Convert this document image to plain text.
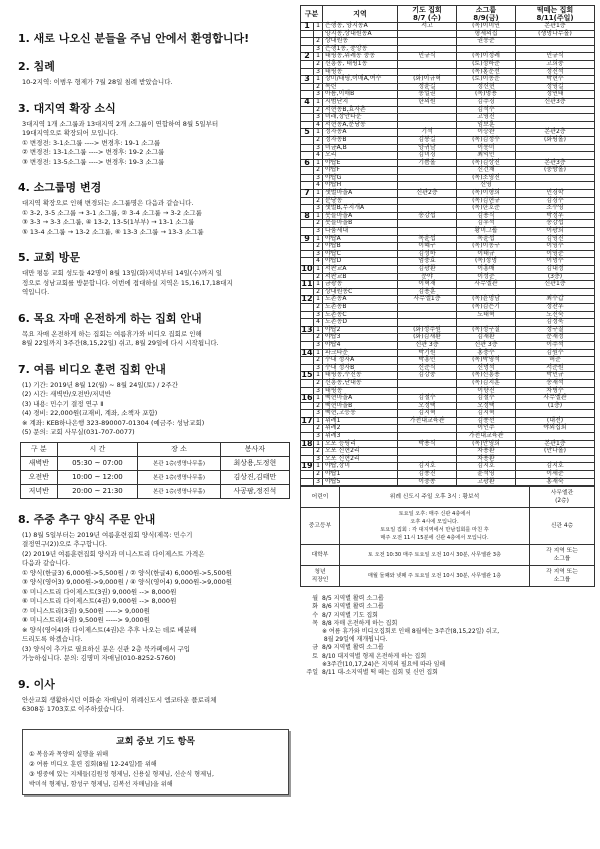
1. 새로 나오신 분들을 주님 안에서 환영합니다!
2. 침례

10-2지역: 이범우 형제가 7월 28일 침례 받았습니다.

3. 대지역 확장 소식

3대지역 1개 소그룹과 13대지역 2개 소그룹이 연합하여 8월 5일부터

19대지역으로 확장되어 모입니다.

① 변경전: 3-1소그룹 ----> 변경후: 19-1 소그룹

② 변경전: 13-1소그룹 ----> 변경후: 19-2 소그룹

③ 변경전: 13-5소그룹 ----> 변경후: 19-3 소그룹

4. 소그룹명 변경

대지역 확장으로 인해 변경되는 소그룹명은 다음과 같습니다.

① 3-2, 3-5 소그룹 → 3-1 소그룹, ② 3-4 소그룹 → 3-2 소그룹

③ 3-3 → 3-3 소그룹, ④ 13-2, 13-5(1부부) → 13-1 소그룹

⑤ 13-4 소그룹 → 13-2 소그룹, ⑥ 13-3 소그룹 → 13-3 소그룹

5. 교회 방문

대만 펑동 교회 성도들 42명이 8월 13일(화)저녁부터 14일(수)까지 일

정으로 성남교회를 방문합니다. 이번에 접대하실 지역은 15,16,17,18대지

역입니다.

6. 목요 자매 온전하게 하는 집회 안내

목요 자매 온전하게 하는 집회는 여름휴가와 비디오 집회로 인해

8월 22일까지 3주간(8,15,22일) 쉬고, 8월 29일에 다시 시작됩니다.

7. 여름 비디오 훈련 집회 안내

(1) 기간: 2019년 8월 12(월) ~ 8월 24일(토) / 2주간

(2) 시간: 새벽반/오전반/저녁반

(3) 내용: 민수기 결정 연구 Ⅱ

(4) 경비: 22,000원(교재비, 계좌, 소책자 포함)

※ 계좌: KEB하나은행 323-890007-01304 (예금주: 성남교회)

(5) 문의: 교회 사무실(031-707-0077)

구 분	시 간	장 소	봉사자
새벽반	05:30 ~ 07:00	본관 1층(생명나무홀)	최상용,도정현
오전반	10:00 ~ 12:00	본관 1층(생명나무홀)	김상진,김태만
저녁반	20:00 ~ 21:30	본관 1층(생명나무홀)	사공팜,정진석
8. 주중 추구 양식 주문 안내

(1) 8월 5일부터는 2019년 여름훈련집회 양식(제목: 민수기

결정연구(2))으로 추구합니다.

(2) 2019년 여름훈련집회 양식과 미니스트리 다이제스트 가격은

다음과 같습니다.

① 양식(한글3) 6,000원->5,500원 / ② 양식(한글4) 6,000원->5,500원

③ 양식(영어3) 9,000원->9,000원 / ④ 양식(영어4) 9,000원->9,000원

⑤ 미니스트리 다이제스트(3권) 9,000원 --> 8,000원

⑥ 미니스트리 다이제스트(4권) 9,000원 --> 8,000원

⑦ 미니스트리(3권) 9,500원 -----> 9,000원

⑧ 미니스트리(4권) 9,500원 -----> 9,000원

※ 양식(영어4)와 다이제스트(4권)은 추후 나오는 데로 배분해

드리도록 하겠습니다.

(3) 양식이 추가로 필요하신 분은 신관 2층 북카페에서 구입

가능하십니다. 문의: 김명미 자매님(010-8252-5760)

9. 이사

안산교회 생활하시던 이화순 자매님이 위례신도시 엠코타운 플로리체

6308동 1703호로 이주하셨습니다.

교회 중보 기도 항목
① 복음과 목양의 실행을 위해
② 여름 비디오 훈련 집회(8월 12-24일)를 위해
③ 병중에 있는 지체들(김원정 형제님, 신용실 형제님, 신순식 형제님,
박미석 형제님, 함성구 형제님, 김복선 자매님)을 위해
구분		지역	기도 집회
8/7 (수)	소그룹
8/9(금)	떡떼는 집회
8/11(주일)
1	1	은행동, 양지동A	서고	(목)이미연	본관1층
		양지동,상대원동A		형제의집	(생명나무홀)
	2	상대원동		권동준	
	3	은행1동, 중앙동			
2	1	태평동,위례동 중동	민규식	(목)이정례	민규식
	2	신흥동, 태평1동		(토)정하준	고희중
	3	태평동		(목)홍운선	정진석
3	1	장미/태평,이매A,여수	(화)이규혁	(토)이동운	박현수
	2	목련	정윤길	정신현	정영길
	3	아름,이매B	동일권	(목)명용	정연태
4	1	시범단지	한의원	김주경	신관3층
	2	서현동B,효자촌		김석수	
	3	미래,장안타운		고영진	
	4	서현동A,분당동		임보훈	
5	1	정자동A	기석	이승완	본관2층
	2	정자동B	김봉길	(목)김정수	(화평홀)
	3	미금A,B	양귀남	이동미	
	4	오리	김미경	최익민	
6	1	야탑E	기쁨홀	(목)김상진	본관3층
	2	야탑F		신건채	(중방홀)
	3	야탑G		(목)조영진	
	4	야탑H		신영	
7	1	샛별마을A	신관2층	(목)이형희	민경학
	2	분당동		(목)김현규	김경수
	3	샛별B,무지개A		(목)한호준	조수영
8	1	봇들마을A	송강섭	김용식	박정우
	2	봇들마을B		김우석	송강섭
	3	다움세대		황미그룹	이광희
9	1	야탑A	목윤섭	목윤섭	김영진
	2	야탑B	이혜구	(목)이동구	이영수
	3	야탑C	김성하	이태규	이영준
	4	야탑D	엄충효	(목)정명	이명수
10	1	서판교A	김광환	이흥배	김대정
	2	서판교B	문야	이성준	(3층)
11	1	금광동	이혁재	사무엘관	신관1층
	2	상대원동C	김용훈		
12	1	도촌동A	사무엘1층	(목)윤명남	최수갑
	2	도촌동B		(목)김은기	정찬우
	3	도촌동C		도태혁	노진숙
	4	도촌동D			김정욱
13	1	야탑2	(화)정주원	(목)정구칠	정구칠
	2	야탑3	(화)김재환	김재환	문재정
	3	야탑4	신관 3층	신관 3층	이주석
14	1	파크타운	박기원	홍충수	김원수
	2	수내 정자A	박흥민	(목)박영석	허준
	3	수내 정자B	신준식	신명석	서준원
15	1	태평동,수진동	김강중	(목)신흥용	박민규
	2	신흥동,단대동		(목)김지훈	송재석
	3	태평동		이향진	차병수
16	1	백현마을A	김철수	김철수	사무엘관
	2	백현마을B	오정택	오정택	(1층)
	3	백현,고등동	김지혁	김지혁	
17	1	위례1	가천대교육관	김종선	(대전)
	2	위례2		이인주	야외집회
	3	위례3		가천대교육관	
18	1	오포 능평리	박용식	(목)안영희	본관1층
	2	오포 신현2리		차용환	(만나홀)
	3	오포 신현2리		차용환	
19	1	야탑,장미	김지호	김지호	김지호
	2	야탑1	김종진	윤석영	이세준
	3	야탑5	이중종	고광환	홍재숙
어린이	위례 신도시 주일 오후 3시 : 황보석	사무엘관
(2층)
중고등부	토요일 오후: 매주 신관 4층에서
오후 4시에 모입니다.
토요일 집회 : 각 대지역에서 만남집회를 마친 후
매주 오전 11시 15분에 신관 4층에서 모입니다.	신관 4층
대학부	토 오전 10:30 매주 토요일 오전 10시 30분, 사무엘관 3층	각 지역 또는
소그룹
청년
직장인	매월 둘째와 넷째 주 토요일 오전 10시 30분, 사무엘관 1층	각 지역 또는
소그룹
월 8/5 지역별 활력 소그룹
화 8/6 지역별 활력 소그룹
수 8/7 지역별 기도 집회
목 8/8 자매 온전하게 하는 집회
※ 여름 휴가와 비디오집회로 인해 8월에는 3주간(8,15,22일) 쉬고,
8월 29일에 재개됩니다.
금 8/9 지역별 활력 소그룹
토 8/10 대지역별 형제 온전하게 하는 집회
※3주간(10,17,24)은 지역의 필요에 따라 임해
주일 8/11 대-소지역별 떡 떼는 집회 및 신언 집회
